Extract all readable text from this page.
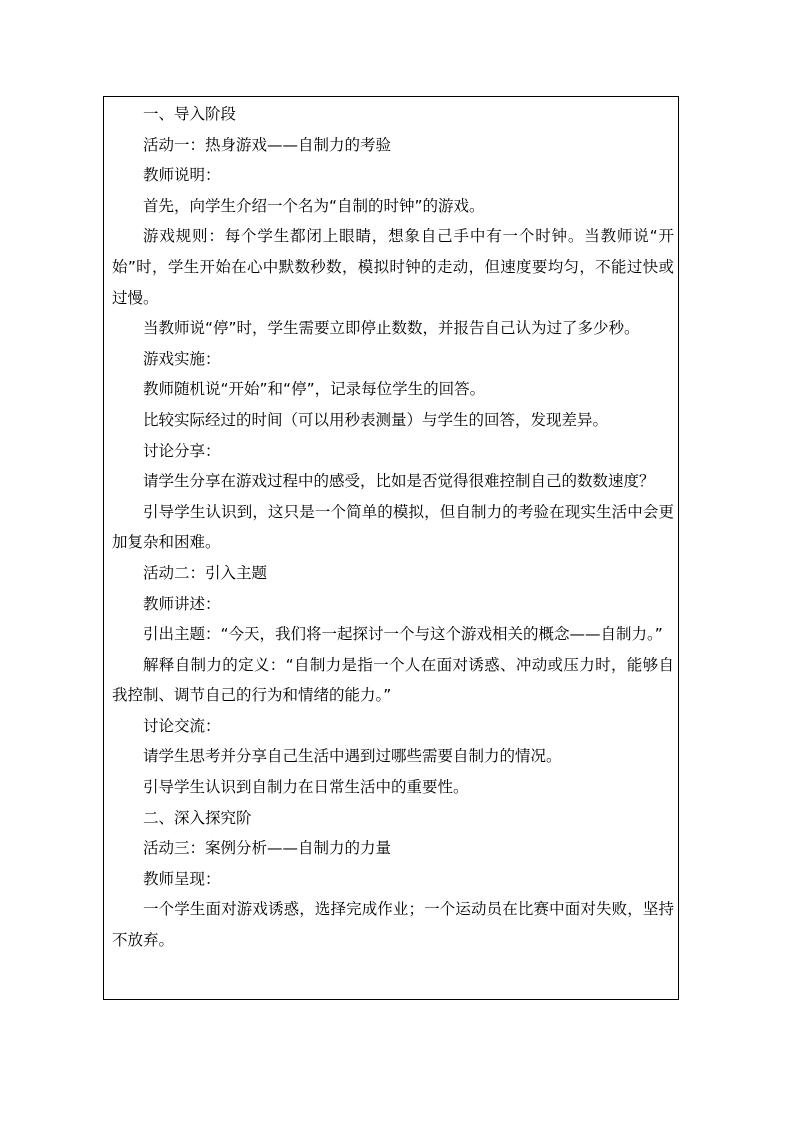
一、导入阶段

活动一：热身游戏——自制力的考验

教师说明：

首先，向学生介绍一个名为“自制的时钟”的游戏。

游戏规则：每个学生都闭上眼睛，想象自己手中有一个时钟。当教师说“开始”时，学生开始在心中默数秒数，模拟时钟的走动，但速度要均匀，不能过快或过慢。

当教师说“停”时，学生需要立即停止数数，并报告自己认为过了多少秒。

游戏实施：

教师随机说“开始”和“停”，记录每位学生的回答。

比较实际经过的时间（可以用秒表测量）与学生的回答，发现差异。

讨论分享：

请学生分享在游戏过程中的感受，比如是否觉得很难控制自己的数数速度？

引导学生认识到，这只是一个简单的模拟，但自制力的考验在现实生活中会更加复杂和困难。

活动二：引入主题

教师讲述：

引出主题：“今天，我们将一起探讨一个与这个游戏相关的概念——自制力。”

解释自制力的定义：“自制力是指一个人在面对诱惑、冲动或压力时，能够自我控制、调节自己的行为和情绪的能力。”

讨论交流：

请学生思考并分享自己生活中遇到过哪些需要自制力的情况。

引导学生认识到自制力在日常生活中的重要性。

二、深入探究阶

活动三：案例分析——自制力的力量

教师呈现：

一个学生面对游戏诱惑，选择完成作业；一个运动员在比赛中面对失败，坚持不放弃。
